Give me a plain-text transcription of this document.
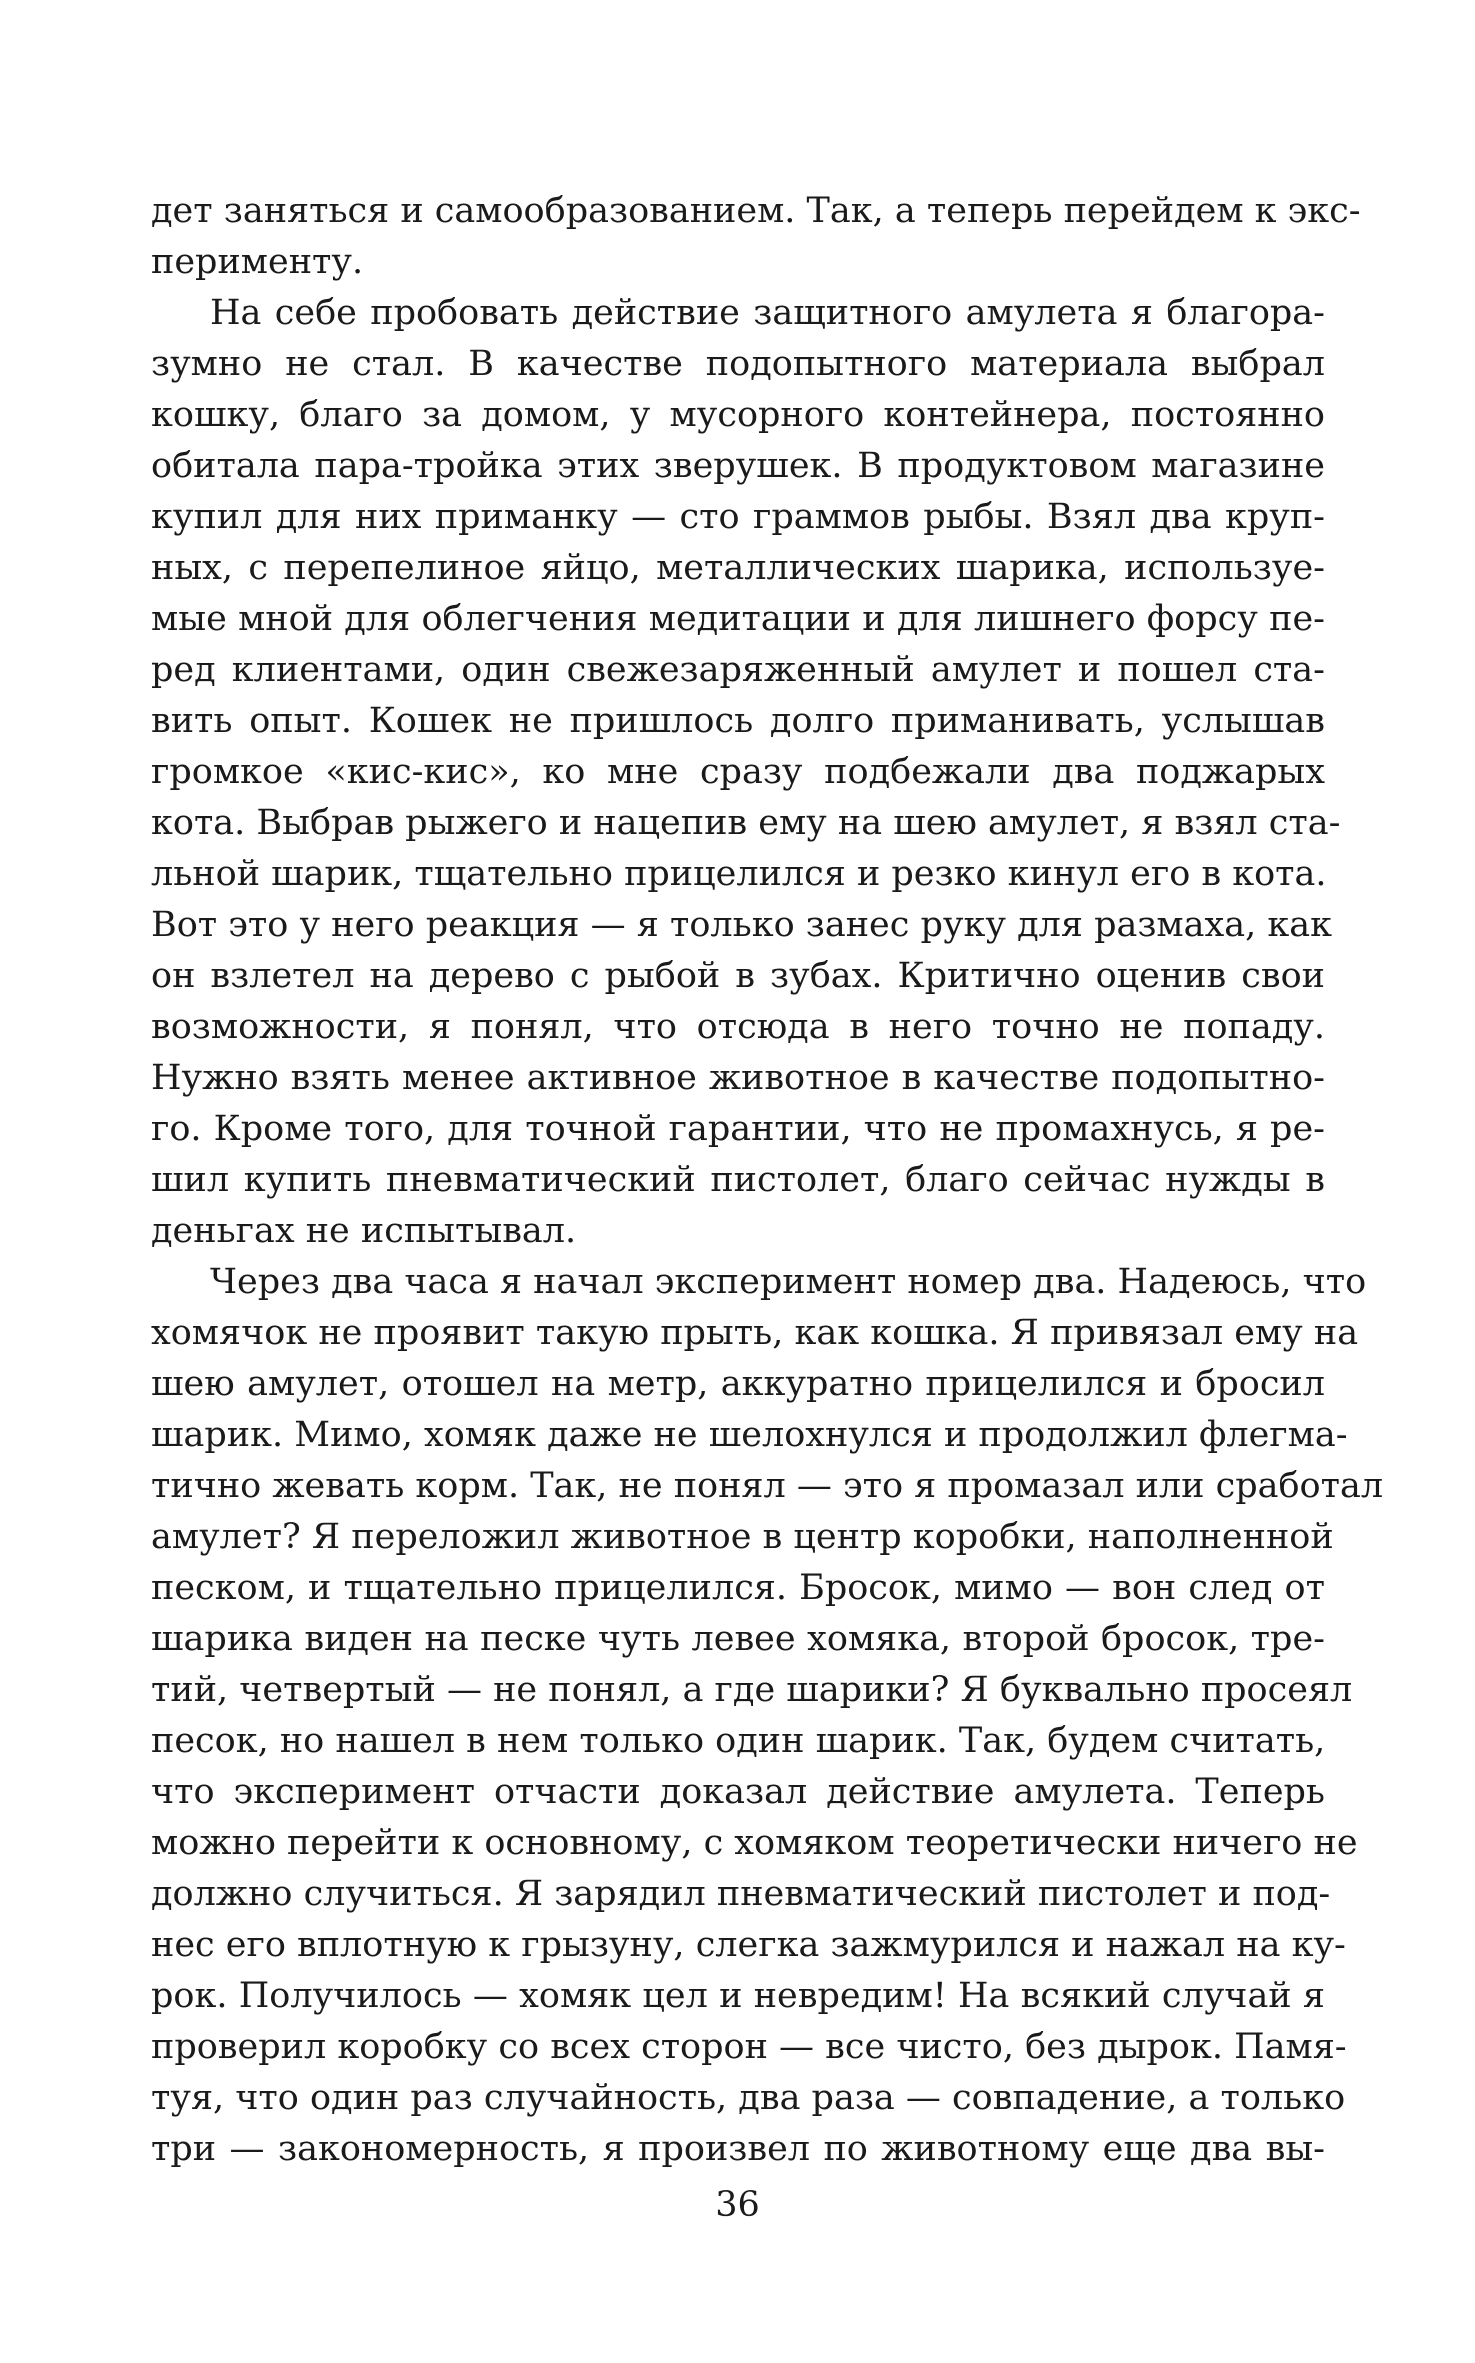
дет заняться и самообразованием. Так, а теперь перейдем к экс-
перименту.
На себе пробовать действие защитного амулета я благора-
зумно не стал. В качестве подопытного материала выбрал
кошку, благо за домом, у мусорного контейнера, постоянно
обитала пара-тройка этих зверушек. В продуктовом магазине
купил для них приманку — сто граммов рыбы. Взял два круп-
ных, с перепелиное яйцо, металлических шарика, используе-
мые мной для облегчения медитации и для лишнего форсу пе-
ред клиентами, один свежезаряженный амулет и пошел ста-
вить опыт. Кошек не пришлось долго приманивать, услышав
громкое «кис-кис», ко мне сразу подбежали два поджарых
кота. Выбрав рыжего и нацепив ему на шею амулет, я взял ста-
льной шарик, тщательно прицелился и резко кинул его в кота.
Вот это у него реакция — я только занес руку для размаха, как
он взлетел на дерево с рыбой в зубах. Критично оценив свои
возможности, я понял, что отсюда в него точно не попаду.
Нужно взять менее активное животное в качестве подопытно-
го. Кроме того, для точной гарантии, что не промахнусь, я ре-
шил купить пневматический пистолет, благо сейчас нужды в
деньгах не испытывал.
Через два часа я начал эксперимент номер два. Надеюсь, что
хомячок не проявит такую прыть, как кошка. Я привязал ему на
шею амулет, отошел на метр, аккуратно прицелился и бросил
шарик. Мимо, хомяк даже не шелохнулся и продолжил флегма-
тично жевать корм. Так, не понял — это я промазал или сработал
амулет? Я переложил животное в центр коробки, наполненной
песком, и тщательно прицелился. Бросок, мимо — вон след от
шарика виден на песке чуть левее хомяка, второй бросок, тре-
тий, четвертый — не понял, а где шарики? Я буквально просеял
песок, но нашел в нем только один шарик. Так, будем считать,
что эксперимент отчасти доказал действие амулета. Теперь
можно перейти к основному, с хомяком теоретически ничего не
должно случиться. Я зарядил пневматический пистолет и под-
нес его вплотную к грызуну, слегка зажмурился и нажал на ку-
рок. Получилось — хомяк цел и невредим! На всякий случай я
проверил коробку со всех сторон — все чисто, без дырок. Памя-
туя, что один раз случайность, два раза — совпадение, а только
три — закономерность, я произвел по животному еще два вы-
36
